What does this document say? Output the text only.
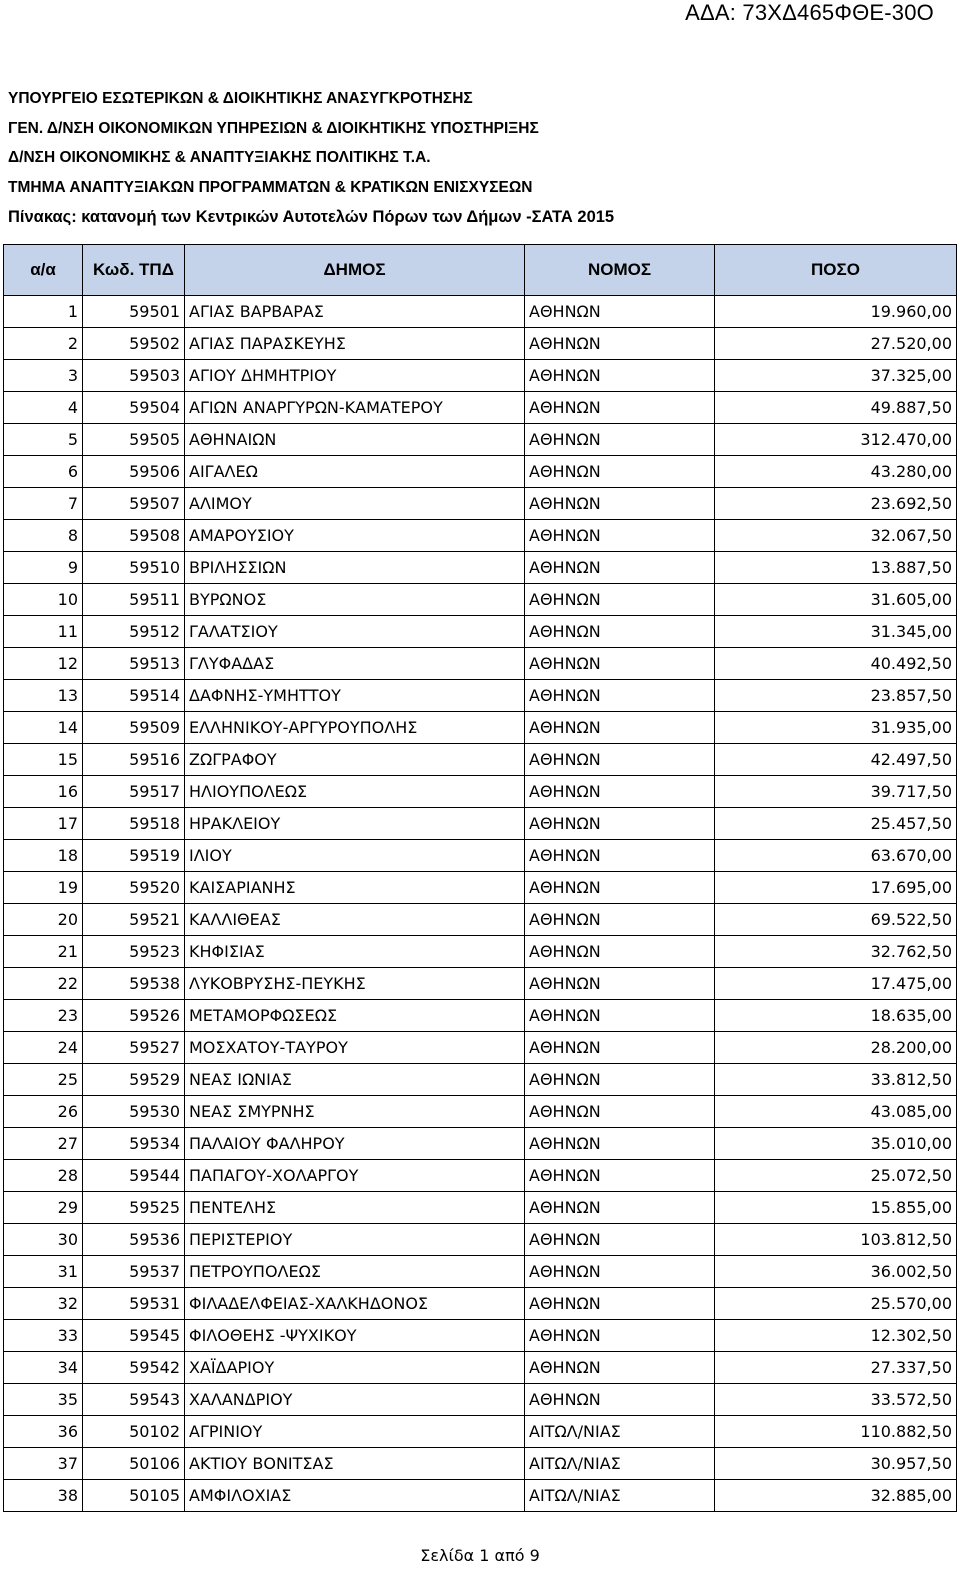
ΑΔΑ: 73ΧΔ465ΦΘΕ-30Ο
ΥΠΟΥΡΓΕΙΟ ΕΣΩΤΕΡΙΚΩΝ & ΔΙΟΙΚΗΤΙΚΗΣ ΑΝΑΣΥΓΚΡΟΤΗΣΗΣ
ΓΕΝ. Δ/ΝΣΗ ΟΙΚΟΝΟΜΙΚΩΝ ΥΠΗΡΕΣΙΩΝ & ΔΙΟΙΚΗΤΙΚΗΣ ΥΠΟΣΤΗΡΙΞΗΣ
Δ/ΝΣΗ ΟΙΚΟΝΟΜΙΚΗΣ & ΑΝΑΠΤΥΞΙΑΚΗΣ ΠΟΛΙΤΙΚΗΣ Τ.Α.
ΤΜΗΜΑ ΑΝΑΠΤΥΞΙΑΚΩΝ ΠΡΟΓΡΑΜΜΑΤΩΝ & ΚΡΑΤΙΚΩΝ ΕΝΙΣΧΥΣΕΩΝ
Πίνακας: κατανομή των Κεντρικών Αυτοτελών Πόρων των Δήμων -ΣΑΤΑ 2015
α/α	Κωδ. ΤΠΔ	ΔΗΜΟΣ	ΝΟΜΟΣ	ΠΟΣΟ
1	59501	ΑΓΙΑΣ ΒΑΡΒΑΡΑΣ	ΑΘΗΝΩΝ	19.960,00
2	59502	ΑΓΙΑΣ ΠΑΡΑΣΚΕΥΗΣ	ΑΘΗΝΩΝ	27.520,00
3	59503	ΑΓΙΟΥ ΔΗΜΗΤΡΙΟΥ	ΑΘΗΝΩΝ	37.325,00
4	59504	ΑΓΙΩΝ ΑΝΑΡΓΥΡΩΝ-ΚΑΜΑΤΕΡΟΥ	ΑΘΗΝΩΝ	49.887,50
5	59505	ΑΘΗΝΑΙΩΝ	ΑΘΗΝΩΝ	312.470,00
6	59506	ΑΙΓΑΛΕΩ	ΑΘΗΝΩΝ	43.280,00
7	59507	ΑΛΙΜΟΥ	ΑΘΗΝΩΝ	23.692,50
8	59508	ΑΜΑΡΟΥΣΙΟΥ	ΑΘΗΝΩΝ	32.067,50
9	59510	ΒΡΙΛΗΣΣΙΩΝ	ΑΘΗΝΩΝ	13.887,50
10	59511	ΒΥΡΩΝΟΣ	ΑΘΗΝΩΝ	31.605,00
11	59512	ΓΑΛΑΤΣΙΟΥ	ΑΘΗΝΩΝ	31.345,00
12	59513	ΓΛΥΦΑΔΑΣ	ΑΘΗΝΩΝ	40.492,50
13	59514	ΔΑΦΝΗΣ-ΥΜΗΤΤΟΥ	ΑΘΗΝΩΝ	23.857,50
14	59509	ΕΛΛΗΝΙΚΟΥ-ΑΡΓΥΡΟΥΠΟΛΗΣ	ΑΘΗΝΩΝ	31.935,00
15	59516	ΖΩΓΡΑΦΟΥ	ΑΘΗΝΩΝ	42.497,50
16	59517	ΗΛΙΟΥΠΟΛΕΩΣ	ΑΘΗΝΩΝ	39.717,50
17	59518	ΗΡΑΚΛΕΙΟΥ	ΑΘΗΝΩΝ	25.457,50
18	59519	ΙΛΙΟΥ	ΑΘΗΝΩΝ	63.670,00
19	59520	ΚΑΙΣΑΡΙΑΝΗΣ	ΑΘΗΝΩΝ	17.695,00
20	59521	ΚΑΛΛΙΘΕΑΣ	ΑΘΗΝΩΝ	69.522,50
21	59523	ΚΗΦΙΣΙΑΣ	ΑΘΗΝΩΝ	32.762,50
22	59538	ΛΥΚΟΒΡΥΣΗΣ-ΠΕΥΚΗΣ	ΑΘΗΝΩΝ	17.475,00
23	59526	ΜΕΤΑΜΟΡΦΩΣΕΩΣ	ΑΘΗΝΩΝ	18.635,00
24	59527	ΜΟΣΧΑΤΟΥ-ΤΑΥΡΟΥ	ΑΘΗΝΩΝ	28.200,00
25	59529	ΝΕΑΣ ΙΩΝΙΑΣ	ΑΘΗΝΩΝ	33.812,50
26	59530	ΝΕΑΣ ΣΜΥΡΝΗΣ	ΑΘΗΝΩΝ	43.085,00
27	59534	ΠΑΛΑΙΟΥ ΦΑΛΗΡΟΥ	ΑΘΗΝΩΝ	35.010,00
28	59544	ΠΑΠΑΓΟΥ-ΧΟΛΑΡΓΟΥ	ΑΘΗΝΩΝ	25.072,50
29	59525	ΠΕΝΤΕΛΗΣ	ΑΘΗΝΩΝ	15.855,00
30	59536	ΠΕΡΙΣΤΕΡΙΟΥ	ΑΘΗΝΩΝ	103.812,50
31	59537	ΠΕΤΡΟΥΠΟΛΕΩΣ	ΑΘΗΝΩΝ	36.002,50
32	59531	ΦΙΛΑΔΕΛΦΕΙΑΣ-ΧΑΛΚΗΔΟΝΟΣ	ΑΘΗΝΩΝ	25.570,00
33	59545	ΦΙΛΟΘΕΗΣ -ΨΥΧΙΚΟΥ	ΑΘΗΝΩΝ	12.302,50
34	59542	ΧΑΪΔΑΡΙΟΥ	ΑΘΗΝΩΝ	27.337,50
35	59543	ΧΑΛΑΝΔΡΙΟΥ	ΑΘΗΝΩΝ	33.572,50
36	50102	ΑΓΡΙΝΙΟΥ	ΑΙΤΩΛ/ΝΙΑΣ	110.882,50
37	50106	ΑΚΤΙΟΥ ΒΟΝΙΤΣΑΣ	ΑΙΤΩΛ/ΝΙΑΣ	30.957,50
38	50105	ΑΜΦΙΛΟΧΙΑΣ	ΑΙΤΩΛ/ΝΙΑΣ	32.885,00
Σελίδα 1 από 9
